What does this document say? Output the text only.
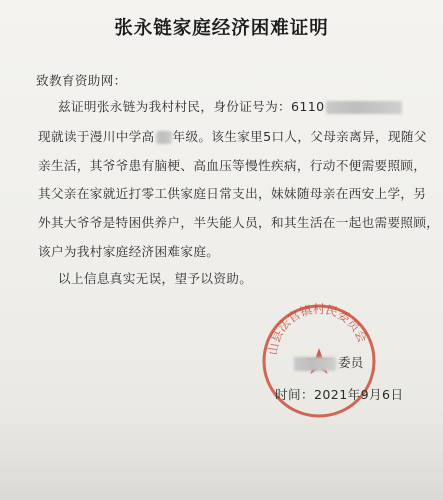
张永链家庭经济困难证明
致教育资助网：
兹证明张永链为我村村民，身份证号为：6110
现就读于漫川中学高 年级。该生家里5口人，父母亲离异，现随父
亲生活，其爷爷患有脑梗、高血压等慢性疾病，行动不便需要照顾，
其父亲在家就近打零工供家庭日常支出，妹妹随母亲在西安上学，另
外其大爷爷是特困供养户，半失能人员，和其生活在一起也需要照顾，
该户为我村家庭经济困难家庭。
以上信息真实无误，望予以资助。
山县法官镇村民委员会
委员
时间：2021年9月6日
